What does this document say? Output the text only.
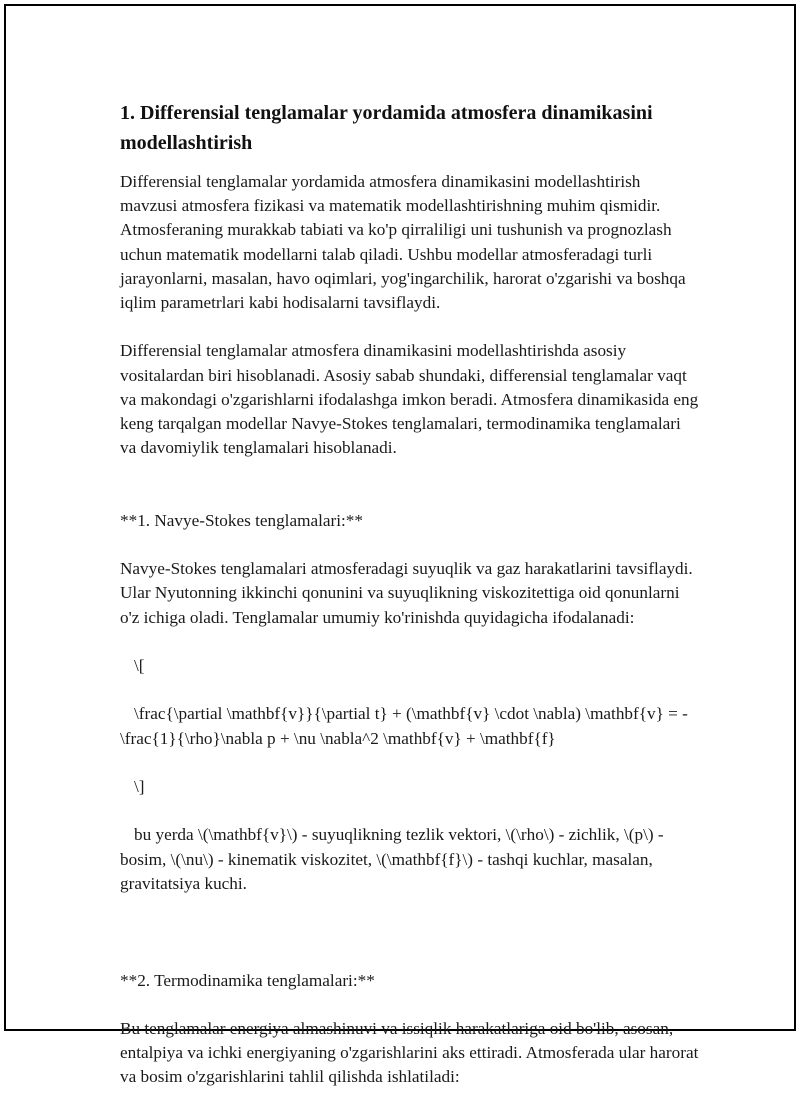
1. Differensial tenglamalar yordamida atmosfera dinamikasini modellashtirish

Differensial tenglamalar yordamida atmosfera dinamikasini modellashtirish mavzusi atmosfera fizikasi va matematik modellashtirishning muhim qismidir. Atmosferaning murakkab tabiati va ko'p qirraliligi uni tushunish va prognozlash uchun matematik modellarni talab qiladi. Ushbu modellar atmosferadagi turli jarayonlarni, masalan, havo oqimlari, yog'ingarchilik, harorat o'zgarishi va boshqa iqlim parametrlari kabi hodisalarni tavsiflaydi.

Differensial tenglamalar atmosfera dinamikasini modellashtirishda asosiy vositalardan biri hisoblanadi. Asosiy sabab shundaki, differensial tenglamalar vaqt va makondagi o'zgarishlarni ifodalashga imkon beradi. Atmosfera dinamikasida eng keng tarqalgan modellar Navye-Stokes tenglamalari, termodinamika tenglamalari va davomiylik tenglamalari hisoblanadi.

**1. Navye-Stokes tenglamalari:**

Navye-Stokes tenglamalari atmosferadagi suyuqlik va gaz harakatlarini tavsiflaydi. Ular Nyutonning ikkinchi qonunini va suyuqlikning viskozitettiga oid qonunlarni o'z ichiga oladi. Tenglamalar umumiy ko'rinishda quyidagicha ifodalanadi:

\[

\frac{\partial \mathbf{v}}{\partial t} + (\mathbf{v} \cdot \nabla) \mathbf{v} = -\frac{1}{\rho}\nabla p + \nu \nabla^2 \mathbf{v} + \mathbf{f}

\]

bu yerda \(\mathbf{v}\) - suyuqlikning tezlik vektori, \(\rho\) - zichlik, \(p\) - bosim, \(\nu\) - kinematik viskozitet, \(\mathbf{f}\) - tashqi kuchlar, masalan, gravitatsiya kuchi.

**2. Termodinamika tenglamalari:**

Bu tenglamalar energiya almashinuvi va issiqlik harakatlariga oid bo'lib, asosan, entalpiya va ichki energiyaning o'zgarishlarini aks ettiradi. Atmosferada ular harorat va bosim o'zgarishlarini tahlil qilishda ishlatiladi:
